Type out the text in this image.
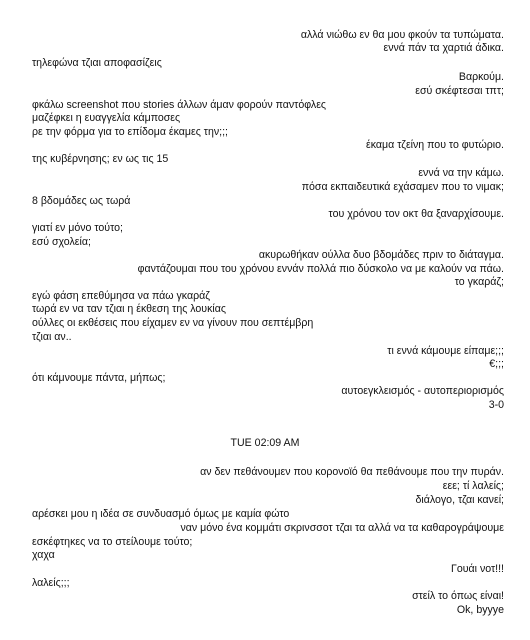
αλλά νιώθω εν θα μου φκούν τα τυπώματα.
εννά πάν τα χαρτιά άδικα.
τηλεφώνα τζιαι αποφασίζεις
Βαρκούμ.
εσύ σκέφτεσαι τπτ;
φκάλω screenshot που stories άλλων άμαν φορούν παντόφλες
μαζέφκει η ευαγγελία κάμποσες
ρε την φόρμα για το επίδομα έκαμες την;;;
έκαμα τζείνη που το φυτώριο.
της κυβέρνησης; εν ως τις 15
εννά να την κάμω.
πόσα εκπαιδευτικά εχάσαμεν που το νιμακ;
8 βδομάδες ως τωρά
του χρόνου τον οκτ θα ξαναρχίσουμε.
γιατί εν μόνο τούτο;
εσύ σχολεία;
ακυρωθήκαν ούλλα δυο βδομάδες πριν το διάταγμα.
φαντάζουμαι που του χρόνου εννάν πολλά πιο δύσκολο να με καλούν να πάω.
το γκαράζ;
εγώ φάση επεθύμησα να πάω γκαράζ
τωρά εν να ταν τζιαι η έκθεση της λουκίας
ούλλες οι εκθέσεις που είχαμεν εν να γίνουν που σεπτέμβρη
τζιαι αν..
τι εννά κάμουμε είπαμε;;;
€;;;
ότι κάμνουμε πάντα, μήπως;
αυτοεγκλεισμός - αυτοπεριορισμός
3-0
TUE 02:09 AM
αν δεν πεθάνουμεν που κορονοϊό θα πεθάνουμε που την πυράν.
εεε; τί λαλείς;
διάλογο, τζαι κανεί;
αρέσκει μου η ιδέα σε συνδυασμό όμως με καμία φώτο
ναν μόνο ένα κομμάτι σκρινσσοτ τζαι τα αλλά να τα καθαρογράψουμε
εσκέφτηκες να το στείλουμε τούτο;
χαχα
Γουάι νοτ!!!
λαλείς;;;
στείλ το όπως είναι!
Ok, byyye
